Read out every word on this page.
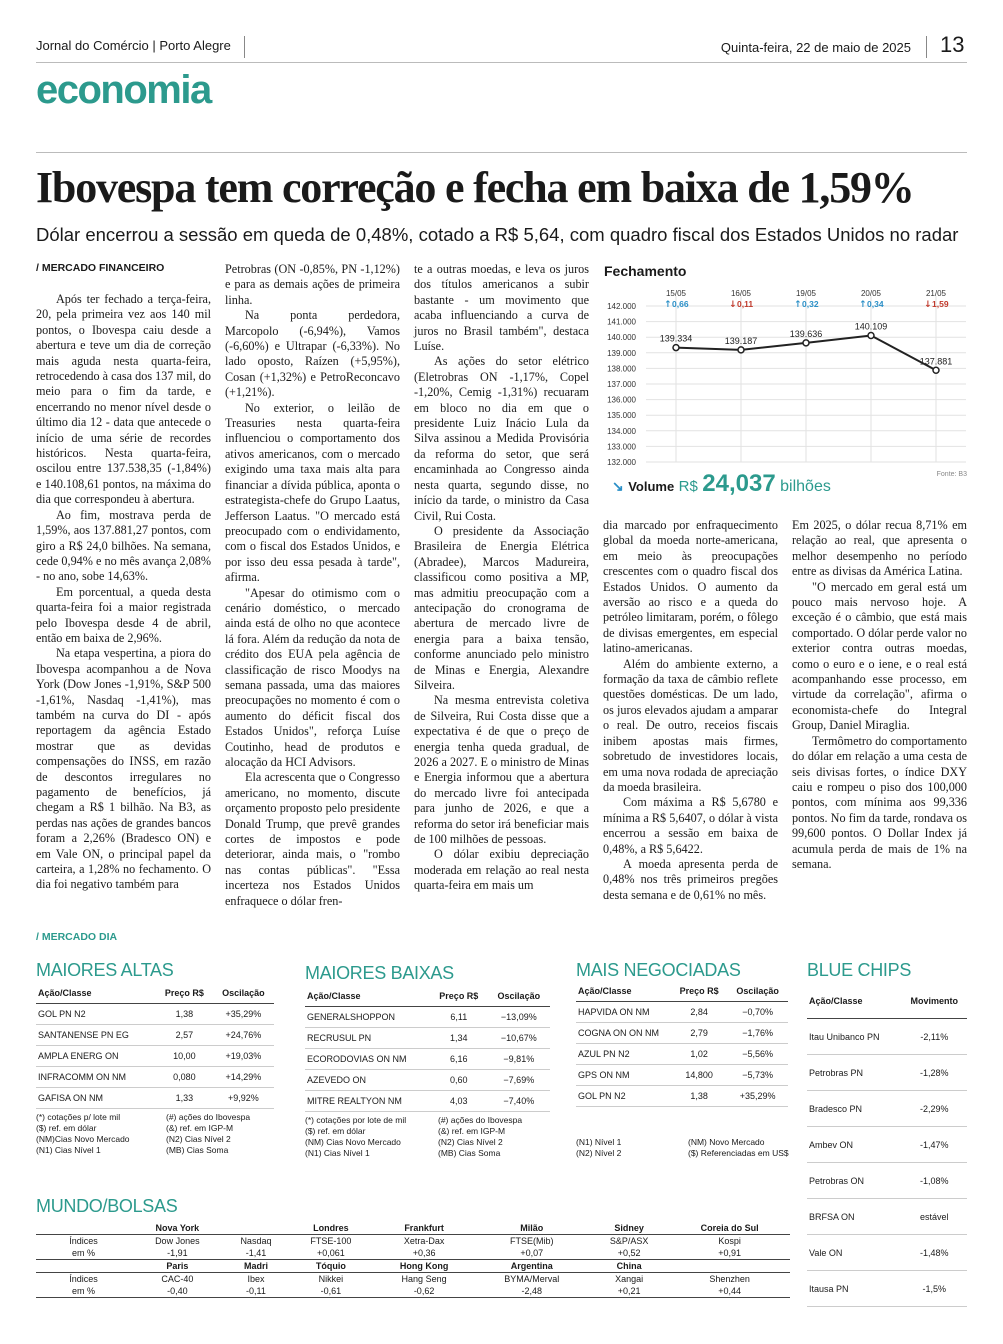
Jornal do Comércio | Porto Alegre	Quinta-feira, 22 de maio de 2025 13
economia
Ibovespa tem correção e fecha em baixa de 1,59%
Dólar encerrou a sessão em queda de 0,48%, cotado a R$ 5,64, com quadro fiscal dos Estados Unidos no radar
/ MERCADO FINANCEIRO

Após ter fechado a terça-feira, 20, pela primeira vez aos 140 mil pontos, o Ibovespa caiu desde a abertura e teve um dia de correção mais aguda nesta quarta-feira, retrocedendo à casa dos 137 mil, do meio para o fim da tarde, e encerrando no menor nível desde o último dia 12 - data que antecede o início de uma série de recordes históricos. Nesta quarta-feira, oscilou entre 137.538,35 (-1,84%) e 140.108,61 pontos, na máxima do dia que correspondeu à abertura.

Ao fim, mostrava perda de 1,59%, aos 137.881,27 pontos, com giro a R$ 24,0 bilhões. Na semana, cede 0,94% e no mês avança 2,08% - no ano, sobe 14,63%.

Em porcentual, a queda desta quarta-feira foi a maior registrada pelo Ibovespa desde 4 de abril, então em baixa de 2,96%.

Na etapa vespertina, a piora do Ibovespa acompanhou a de Nova York (Dow Jones -1,91%, S&P 500 -1,61%, Nasdaq -1,41%), mas também na curva do DI - após reportagem da agência Estado mostrar que as devidas compensações do INSS, em razão de descontos irregulares no pagamento de benefícios, já chegam a R$ 1 bilhão. Na B3, as perdas nas ações de grandes bancos foram a 2,26% (Bradesco ON) e em Vale ON, o principal papel da carteira, a 1,28% no fechamento. O dia foi negativo também para

Petrobras (ON -0,85%, PN -1,12%) e para as demais ações de primeira linha.

Na ponta perdedora, Marcopolo (-6,94%), Vamos (-6,60%) e Ultrapar (-6,33%). No lado oposto, Raízen (+5,95%), Cosan (+1,32%) e PetroReconcavo (+1,21%).

No exterior, o leilão de Treasuries nesta quarta-feira influenciou o comportamento dos ativos americanos, com o mercado exigindo uma taxa mais alta para financiar a dívida pública, aponta o estrategista-chefe do Grupo Laatus, Jefferson Laatus. "O mercado está preocupado com o endividamento, com o fiscal dos Estados Unidos, e por isso deu essa pesada à tarde", afirma.

"Apesar do otimismo com o cenário doméstico, o mercado ainda está de olho no que acontece lá fora. Além da redução da nota de crédito dos EUA pela agência de classificação de risco Moodys na semana passada, uma das maiores preocupações no momento é com o aumento do déficit fiscal dos Estados Unidos", reforça Luíse Coutinho, head de produtos e alocação da HCI Advisors.

Ela acrescenta que o Congresso americano, no momento, discute orçamento proposto pelo presidente Donald Trump, que prevê grandes cortes de impostos e pode deteriorar, ainda mais, o "rombo nas contas públicas". "Essa incerteza nos Estados Unidos enfraquece o dólar fren-

te a outras moedas, e leva os juros dos títulos americanos a subir bastante - um movimento que acaba influenciando a curva de juros no Brasil também", destaca Luíse.

As ações do setor elétrico (Eletrobras ON -1,17%, Copel -1,20%, Cemig -1,31%) recuaram em bloco no dia em que o presidente Luiz Inácio Lula da Silva assinou a Medida Provisória da reforma do setor, que será encaminhada ao Congresso ainda nesta quarta, segundo disse, no início da tarde, o ministro da Casa Civil, Rui Costa.

O presidente da Associação Brasileira de Energia Elétrica (Abradee), Marcos Madureira, classificou como positiva a MP, mas admitiu preocupação com a antecipação do cronograma de abertura de mercado livre de energia para a baixa tensão, conforme anunciado pelo ministro de Minas e Energia, Alexandre Silveira.

Na mesma entrevista coletiva de Silveira, Rui Costa disse que a expectativa é de que o preço de energia tenha queda gradual, de 2026 a 2027. E o ministro de Minas e Energia informou que a abertura do mercado livre foi antecipada para junho de 2026, e que a reforma do setor irá beneficiar mais de 100 milhões de pessoas.

O dólar exibiu depreciação moderada em relação ao real nesta quarta-feira em mais um

dia marcado por enfraquecimento global da moeda norte-americana, em meio às preocupações crescentes com o quadro fiscal dos Estados Unidos. O aumento da aversão ao risco e a queda do petróleo limitaram, porém, o fôlego de divisas emergentes, em especial latino-americanas.

Além do ambiente externo, a formação da taxa de câmbio reflete questões domésticas. De um lado, os juros elevados ajudam a amparar o real. De outro, receios fiscais inibem apostas mais firmes, sobretudo de investidores locais, em uma nova rodada de apreciação da moeda brasileira.

Com máxima a R$ 5,6780 e mínima a R$ 5,6407, o dólar à vista encerrou a sessão em baixa de 0,48%, a R$ 5,6422.

A moeda apresenta perda de 0,48% nos três primeiros pregões desta semana e de 0,61% no mês.

Em 2025, o dólar recua 8,71% em relação ao real, que apresenta o melhor desempenho no período entre as divisas da América Latina.

"O mercado em geral está um pouco mais nervoso hoje. A exceção é o câmbio, que está mais comportado. O dólar perde valor no exterior contra outras moedas, como o euro e o iene, e o real está acompanhando esse processo, em virtude da correlação", afirma o economista-chefe do Integral Group, Daniel Miraglia.

Termômetro do comportamento do dólar em relação a uma cesta de seis divisas fortes, o índice DXY caiu e rompeu o piso dos 100,000 pontos, com mínima aos 99,336 pontos. No fim da tarde, rondava os 99,600 pontos. O Dollar Index já acumula perda de mais de 1% na semana.

Fechamento
142.000
141.000
140.000
139.000
138.000
137.000
136.000
135.000
134.000
133.000
132.000
15/05
↑ 0,66
16/05
↓ 0,11
19/05
↑ 0,32
20/05
↑ 0,34
21/05
↓ 1,59
139.334	139.187
139.636
140.109
137.881
Fonte: B3
↘ Volume R$ 24,037 bilhões
/ MERCADO DIA
MAIORES ALTAS
Ação/Classe	Preço R$	Oscilação
GOL PN N2	1,38	+35,29%
SANTANENSE PN EG	2,57	+24,76%
AMPLA ENERG ON	10,00	+19,03%
INFRACOMM ON NM	0,080	+14,29%
GAFISA ON NM	1,33	+9,92%
(*) cotações p/ lote mil
($) ref. em dólar
(NM)Cias Novo Mercado
(N1) Cias Nível 1
(#) ações do Ibovespa
(&) ref. em IGP-M
(N2) Cias Nível 2
(MB) Cias Soma
MAIORES BAIXAS
Ação/Classe	Preço R$	Oscilação
GENERALSHOPPON	6,11	−13,09%
RECRUSUL PN	1,34	−10,67%
ECORODOVIAS ON NM	6,16	−9,81%
AZEVEDO ON	0,60	−7,69%
MITRE REALTYON NM	4,03	−7,40%
(*) cotações por lote de mil
($) ref. em dólar
(NM) Cias Novo Mercado
(N1) Cias Nível 1
(#) ações do Ibovespa
(&) ref. em IGP-M
(N2) Cias Nível 2
(MB) Cias Soma
MAIS NEGOCIADAS
Ação/Classe	Preço R$	Oscilação
HAPVIDA ON NM	2,84	−0,70%
COGNA ON ON NM	2,79	−1,76%
AZUL PN N2	1,02	−5,56%
GPS ON NM	14,800	−5,73%
GOL PN N2	1,38	+35,29%
(N1) Nível 1
(N2) Nível 2
(NM) Novo Mercado
($) Referenciadas em US$
BLUE CHIPS
Ação/Classe	Movimento
Itau Unibanco PN	-2,11%
Petrobras PN	-1,28%
Bradesco PN	-2,29%
Ambev ON	-1,47%
Petrobras ON	-1,08%
BRFSA ON	estável
Vale ON	-1,48%
Itausa PN	-1,5%
MUNDO/BOLSAS
	Nova York		Londres	Frankfurt	Milão	Sidney	Coreia do Sul
Índices	Dow Jones	Nasdaq	FTSE-100	Xetra-Dax	FTSE(Mib)	S&P/ASX	Kospi
em %	-1,91	-1,41	+0,061	+0,36	+0,07	+0,52	+0,91
	Paris	Madri	Tóquio	Hong Kong	Argentina	China	
Índices	CAC-40	Ibex	Nikkei	Hang Seng	BYMA/Merval	Xangai	Shenzhen
em %	-0,40	-0,11	-0,61	-0,62	-2,48	+0,21	+0,44
